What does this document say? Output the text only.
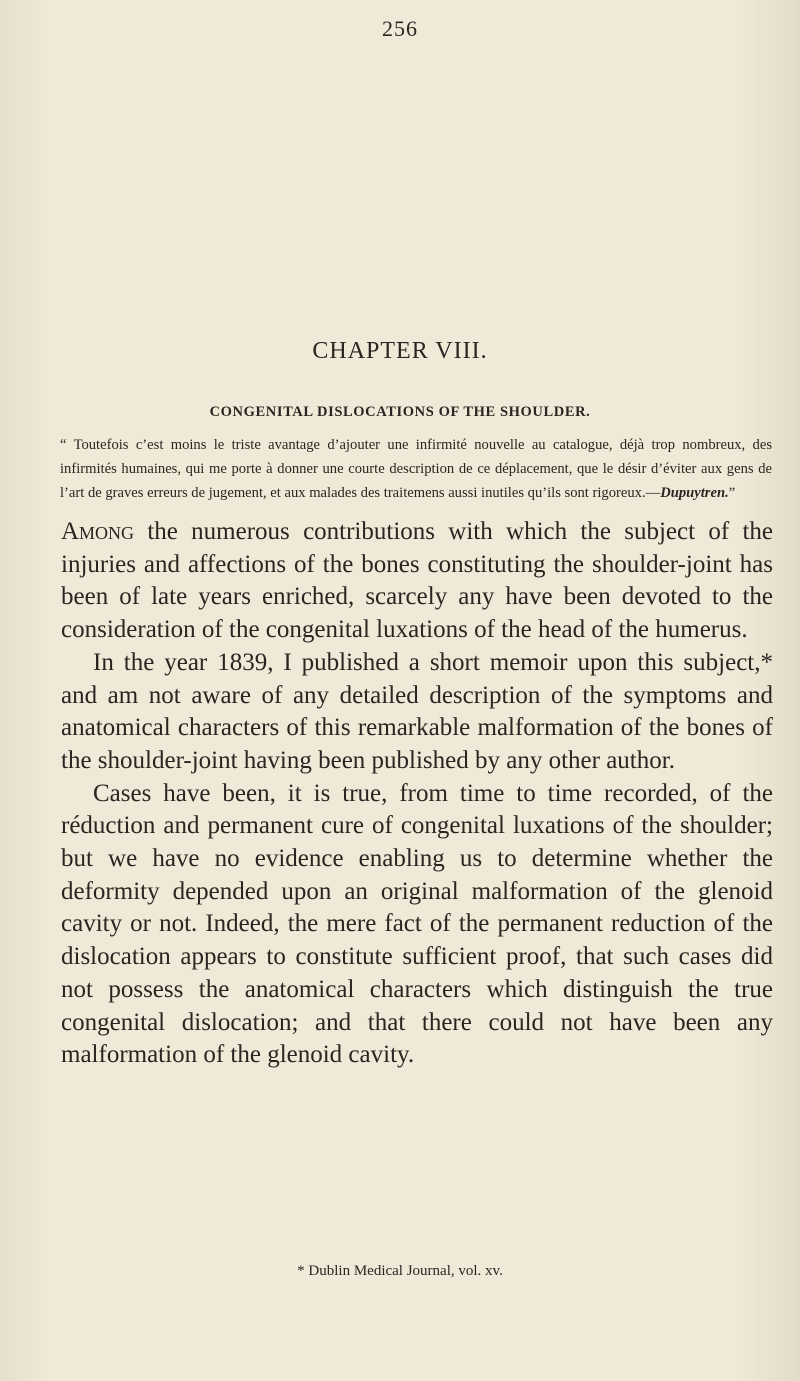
256
CHAPTER VIII.
CONGENITAL DISLOCATIONS OF THE SHOULDER.
“ Toutefois c’est moins le triste avantage d’ajouter une infirmité nouvelle au catalogue, déjà trop nombreux, des infirmités humaines, qui me porte à donner une courte description de ce déplacement, que le désir d’éviter aux gens de l’art de graves erreurs de jugement, et aux malades des traitemens aussi inutiles qu’ils sont rigoreux.—Dupuytren.”

Among the numerous contributions with which the subject of the injuries and affections of the bones constituting the shoulder-joint has been of late years enriched, scarcely any have been devoted to the consideration of the congenital luxations of the head of the humerus.

In the year 1839, I published a short memoir upon this subject,* and am not aware of any detailed description of the symptoms and anatomical characters of this remarkable malformation of the bones of the shoulder-joint having been published by any other author.

Cases have been, it is true, from time to time recorded, of the réduction and permanent cure of congenital luxations of the shoulder; but we have no evidence enabling us to determine whether the deformity depended upon an original malformation of the glenoid cavity or not. Indeed, the mere fact of the permanent reduction of the dislocation appears to constitute sufficient proof, that such cases did not possess the anatomical characters which distinguish the true congenital dislocation; and that there could not have been any malformation of the glenoid cavity.

* Dublin Medical Journal, vol. xv.
